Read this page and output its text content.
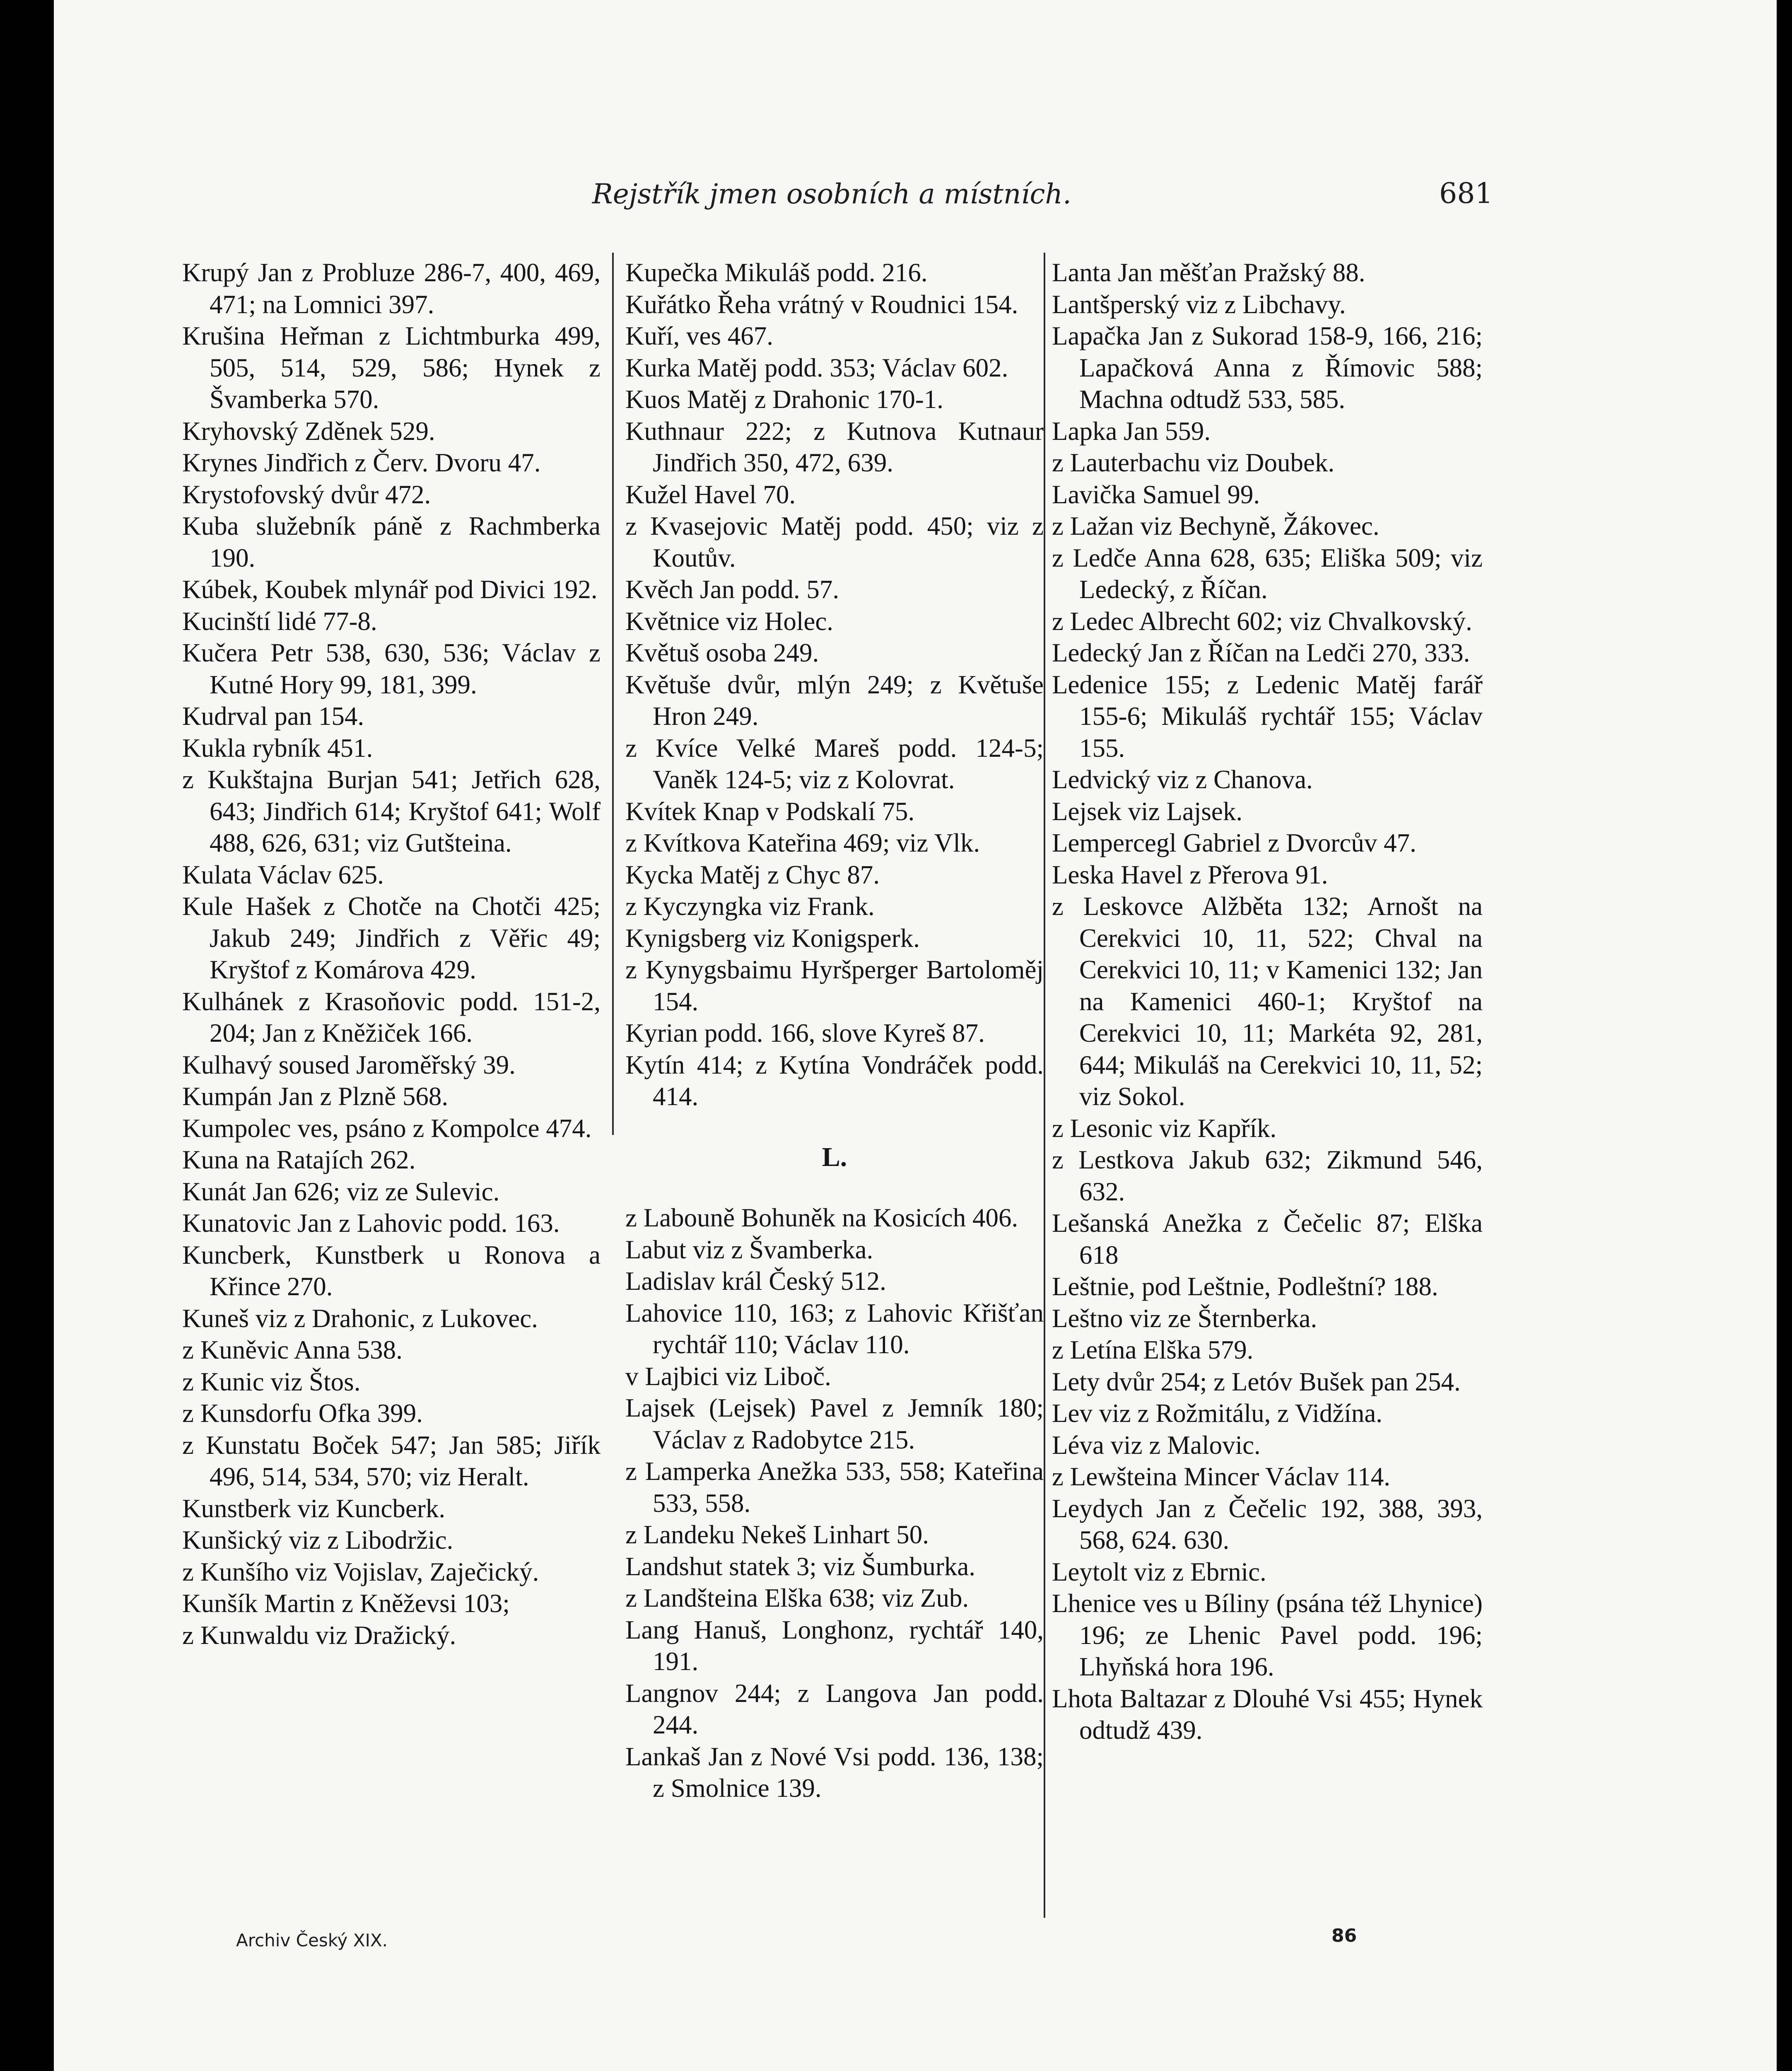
Rejstřík jmen osobních a místních.	681

Krupý Jan z Probluze 286-7, 400, 469, 471; na Lomnici 397.

Krušina Heřman z Lichtmburka 499, 505, 514, 529, 586; Hynek z Švamberka 570.

Kryhovský Zděnek 529.

Krynes Jindřich z Červ. Dvoru 47.

Krystofovský dvůr 472.

Kuba služebník páně z Rachmberka 190.

Kúbek, Koubek mlynář pod Divici 192.

Kucinští lidé 77-8.

Kučera Petr 538, 630, 536; Václav z Kutné Hory 99, 181, 399.

Kudrval pan 154.

Kukla rybník 451.

z Kukštajna Burjan 541; Jetřich 628, 643; Jindřich 614; Kryštof 641; Wolf 488, 626, 631; viz Gutšteina.

Kulata Václav 625.

Kule Hašek z Chotče na Chotči 425; Jakub 249; Jindřich z Věřic 49; Kryštof z Komárova 429.

Kulhánek z Krasoňovic podd. 151-2, 204; Jan z Kněžiček 166.

Kulhavý soused Jaroměřský 39.

Kumpán Jan z Plzně 568.

Kumpolec ves, psáno z Kompolce 474.

Kuna na Ratajích 262.

Kunát Jan 626; viz ze Sulevic.

Kunatovic Jan z Lahovic podd. 163.

Kuncberk, Kunstberk u Ronova a Křince 270.

Kuneš viz z Drahonic, z Lukovec.

z Kuněvic Anna 538.

z Kunic viz Štos.

z Kunsdorfu Ofka 399.

z Kunstatu Boček 547; Jan 585; Jiřík 496, 514, 534, 570; viz Heralt.

Kunstberk viz Kuncberk.

Kunšický viz z Libodržic.

z Kunšího viz Vojislav, Zaječický.

Kunšík Martin z Kněževsi 103;

z Kunwaldu viz Dražický.

Kupečka Mikuláš podd. 216.

Kuřátko Řeha vrátný v Roudnici 154.

Kuří, ves 467.

Kurka Matěj podd. 353; Václav 602.

Kuos Matěj z Drahonic 170-1.

Kuthnaur 222; z Kutnova Kutnaur Jindřich 350, 472, 639.

Kužel Havel 70.

z Kvasejovic Matěj podd. 450; viz z Koutův.

Kvěch Jan podd. 57.

Květnice viz Holec.

Květuš osoba 249.

Květuše dvůr, mlýn 249; z Květuše Hron 249.

z Kvíce Velké Mareš podd. 124-5; Vaněk 124-5; viz z Kolovrat.

Kvítek Knap v Podskalí 75.

z Kvítkova Kateřina 469; viz Vlk.

Kycka Matěj z Chyc 87.

z Kyczyngka viz Frank.

Kynigsberg viz Konigsperk.

z Kynygsbaimu Hyršperger Bartoloměj 154.

Kyrian podd. 166, slove Kyreš 87.

Kytín 414; z Kytína Vondráček podd. 414.

L.

z Labouně Bohuněk na Kosicích 406.

Labut viz z Švamberka.

Ladislav král Český 512.

Lahovice 110, 163; z Lahovic Křišťan rychtář 110; Václav 110.

v Lajbici viz Liboč.

Lajsek (Lejsek) Pavel z Jemník 180; Václav z Radobytce 215.

z Lamperka Anežka 533, 558; Kateřina 533, 558.

z Landeku Nekeš Linhart 50.

Landshut statek 3; viz Šumburka.

z Landšteina Elška 638; viz Zub.

Lang Hanuš, Longhonz, rychtář 140, 191.

Langnov 244; z Langova Jan podd. 244.

Lankaš Jan z Nové Vsi podd. 136, 138; z Smolnice 139.

Lanta Jan měšťan Pražský 88.

Lantšperský viz z Libchavy.

Lapačka Jan z Sukorad 158-9, 166, 216; Lapačková Anna z Římovic 588; Machna odtudž 533, 585.

Lapka Jan 559.

z Lauterbachu viz Doubek.

Lavička Samuel 99.

z Lažan viz Bechyně, Žákovec.

z Ledče Anna 628, 635; Eliška 509; viz Ledecký, z Říčan.

z Ledec Albrecht 602; viz Chvalkovský.

Ledecký Jan z Říčan na Ledči 270, 333.

Ledenice 155; z Ledenic Matěj farář 155-6; Mikuláš rychtář 155; Václav 155.

Ledvický viz z Chanova.

Lejsek viz Lajsek.

Lempercegl Gabriel z Dvorcův 47.

Leska Havel z Přerova 91.

z Leskovce Alžběta 132; Arnošt na Cerekvici 10, 11, 522; Chval na Cerekvici 10, 11; v Kamenici 132; Jan na Kamenici 460-1; Kryštof na Cerekvici 10, 11; Markéta 92, 281, 644; Mikuláš na Cerekvici 10, 11, 52; viz Sokol.

z Lesonic viz Kapřík.

z Lestkova Jakub 632; Zikmund 546, 632.

Lešanská Anežka z Čečelic 87; Elška 618

Leštnie, pod Leštnie, Podleštní? 188.

Leštno viz ze Šternberka.

z Letína Elška 579.

Lety dvůr 254; z Letóv Bušek pan 254.

Lev viz z Rožmitálu, z Vidžína.

Léva viz z Malovic.

z Lewšteina Mincer Václav 114.

Leydych Jan z Čečelic 192, 388, 393, 568, 624. 630.

Leytolt viz z Ebrnic.

Lhenice ves u Bíliny (psána též Lhynice) 196; ze Lhenic Pavel podd. 196; Lhyňská hora 196.

Lhota Baltazar z Dlouhé Vsi 455; Hynek odtudž 439.

Archiv Český XIX.	86
